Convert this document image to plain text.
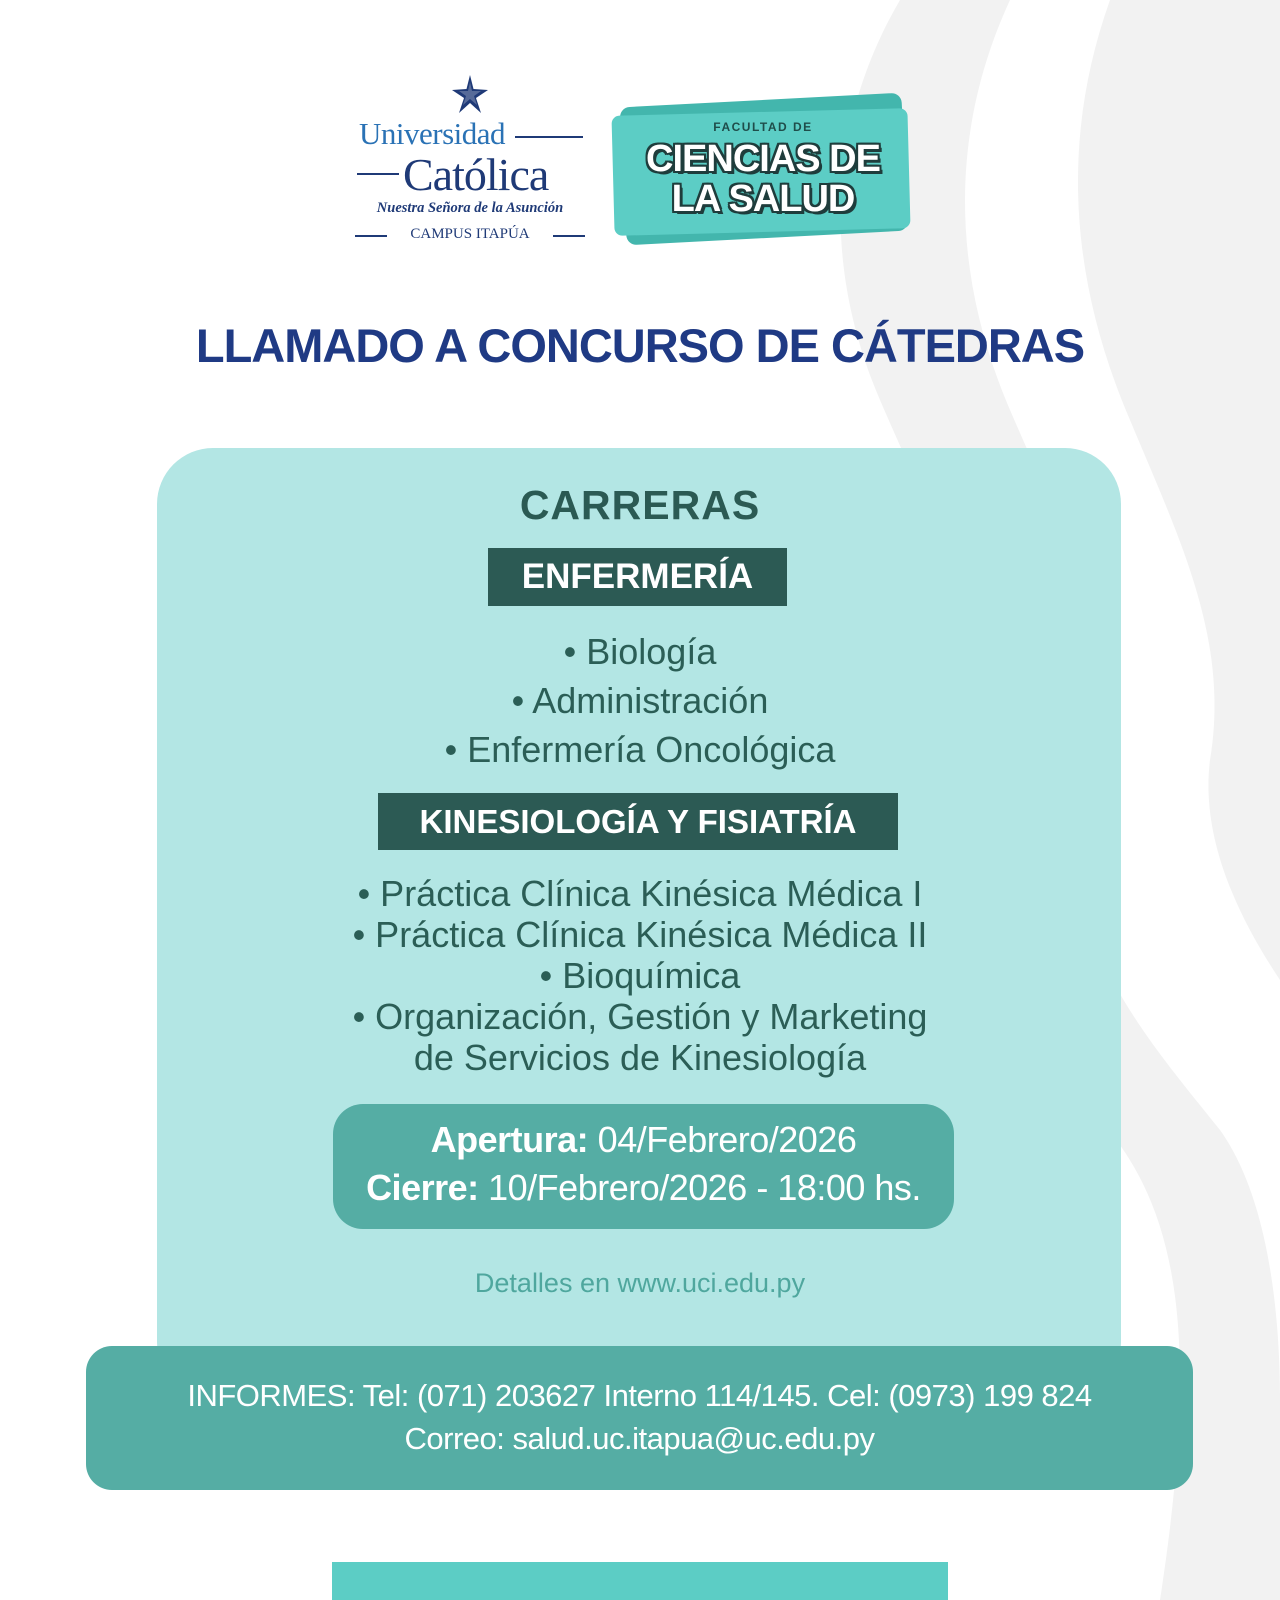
Universidad
Católica
Nuestra Señora de la Asunción
CAMPUS ITAPÚA
FACULTAD DE
CIENCIAS DE
LA SALUD
LLAMADO A CONCURSO DE CÁTEDRAS
CARRERAS
ENFERMERÍA
• Biología
• Administración
• Enfermería Oncológica
KINESIOLOGÍA Y FISIATRÍA
• Práctica Clínica Kinésica Médica I
• Práctica Clínica Kinésica Médica II
• Bioquímica
• Organización, Gestión y Marketing
de Servicios de Kinesiología
Apertura: 04/Febrero/2026
Cierre: 10/Febrero/2026 - 18:00 hs.
Detalles en www.uci.edu.py
INFORMES: Tel: (071) 203627 Interno 114/145. Cel: (0973) 199 824
Correo: salud.uc.itapua@uc.edu.py
